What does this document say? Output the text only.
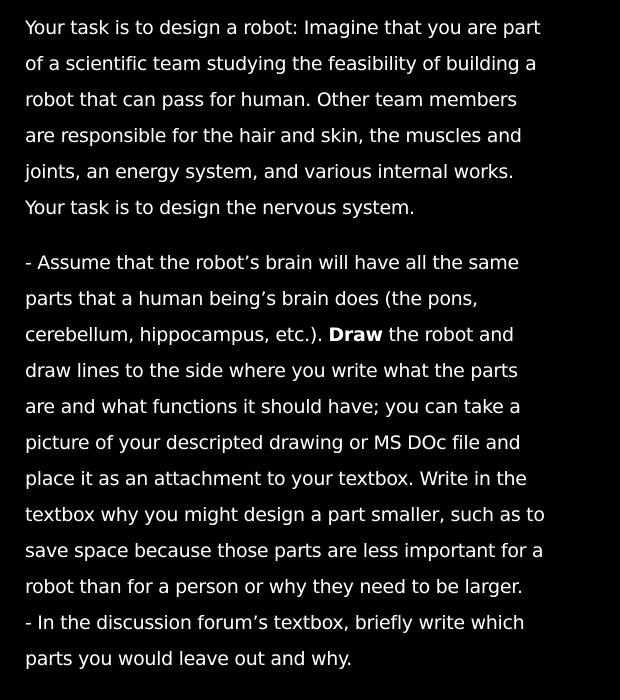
Your task is to design a robot: Imagine that you are part
of a scientific team studying the feasibility of building a
robot that can pass for human. Other team members
are responsible for the hair and skin, the muscles and
joints, an energy system, and various internal works.
Your task is to design the nervous system.
- Assume that the robot’s brain will have all the same
parts that a human being’s brain does (the pons,
cerebellum, hippocampus, etc.). Draw the robot and
draw lines to the side where you write what the parts
are and what functions it should have; you can take a
picture of your descripted drawing or MS DOc file and
place it as an attachment to your textbox. Write in the
textbox why you might design a part smaller, such as to
save space because those parts are less important for a
robot than for a person or why they need to be larger.
- In the discussion forum’s textbox, briefly write which
parts you would leave out and why.
